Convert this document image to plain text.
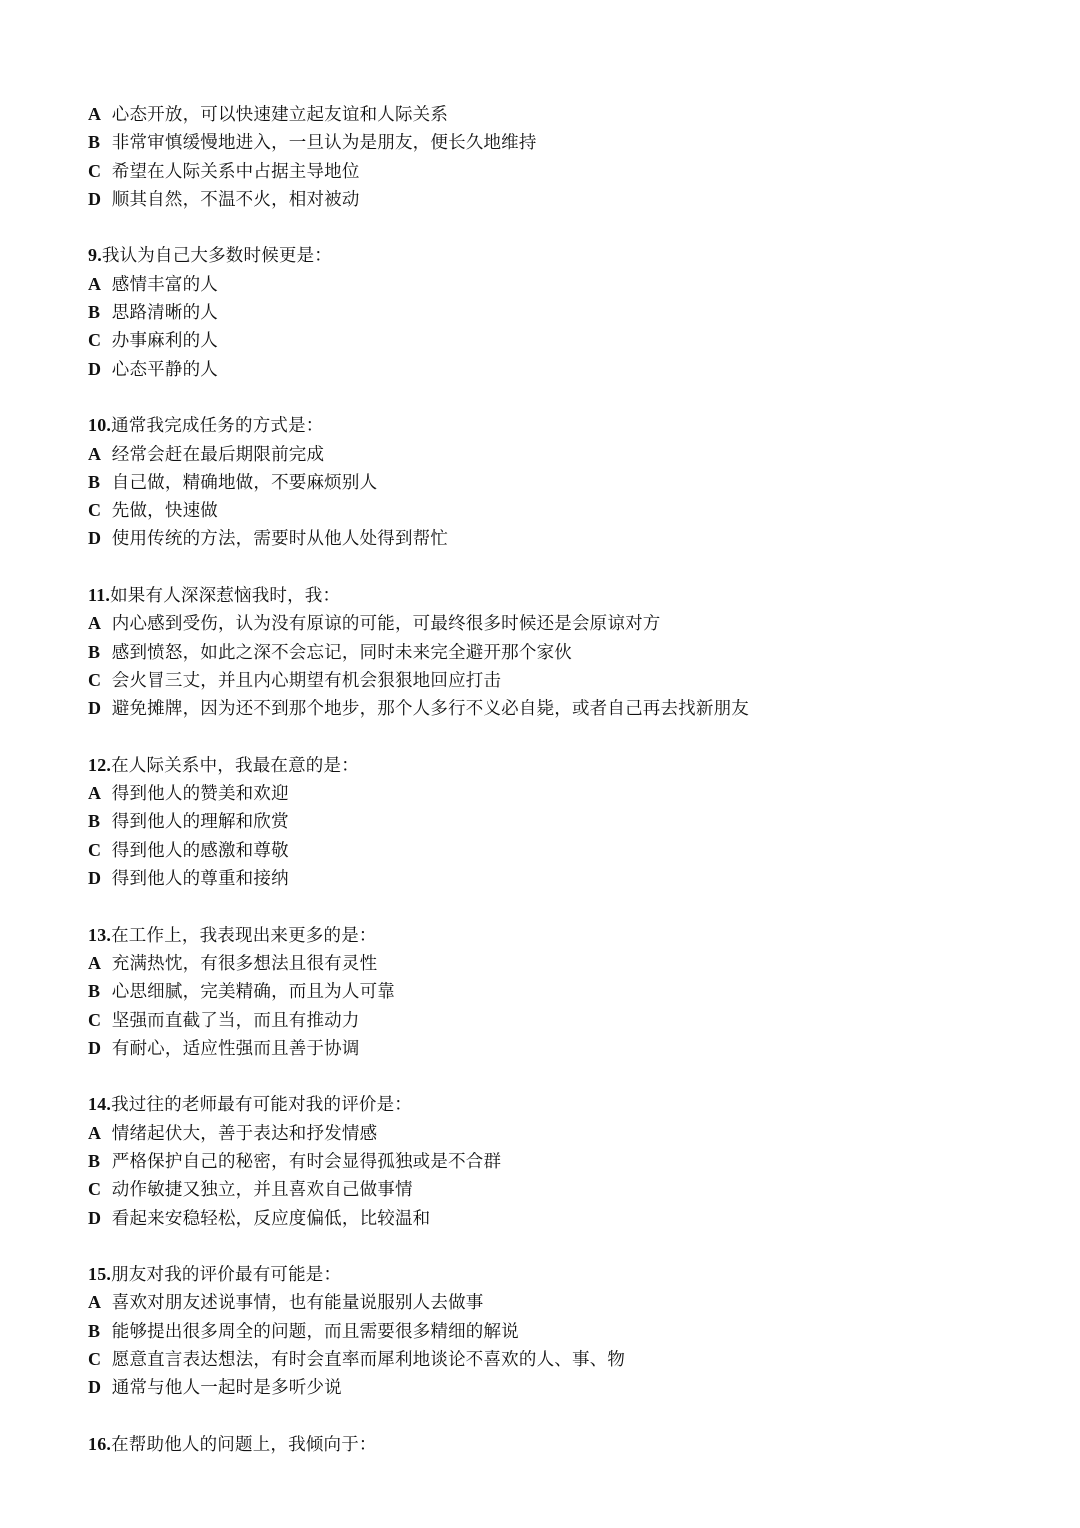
A 心态开放，可以快速建立起友谊和人际关系
B 非常审慎缓慢地进入，一旦认为是朋友，便长久地维持
C 希望在人际关系中占据主导地位
D 顺其自然，不温不火，相对被动
9.我认为自己大多数时候更是：
A 感情丰富的人
B 思路清晰的人
C 办事麻利的人
D 心态平静的人
10.通常我完成任务的方式是：
A 经常会赶在最后期限前完成
B 自己做，精确地做，不要麻烦别人
C 先做，快速做
D 使用传统的方法，需要时从他人处得到帮忙
11.如果有人深深惹恼我时，我：
A 内心感到受伤，认为没有原谅的可能，可最终很多时候还是会原谅对方
B 感到愤怒，如此之深不会忘记，同时未来完全避开那个家伙
C 会火冒三丈，并且内心期望有机会狠狠地回应打击
D 避免摊牌，因为还不到那个地步，那个人多行不义必自毙，或者自己再去找新朋友
12.在人际关系中，我最在意的是：
A 得到他人的赞美和欢迎
B 得到他人的理解和欣赏
C 得到他人的感激和尊敬
D 得到他人的尊重和接纳
13.在工作上，我表现出来更多的是：
A 充满热忱，有很多想法且很有灵性
B 心思细腻，完美精确，而且为人可靠
C 坚强而直截了当，而且有推动力
D 有耐心，适应性强而且善于协调
14.我过往的老师最有可能对我的评价是：
A 情绪起伏大，善于表达和抒发情感
B 严格保护自己的秘密，有时会显得孤独或是不合群
C 动作敏捷又独立，并且喜欢自己做事情
D 看起来安稳轻松，反应度偏低，比较温和
15.朋友对我的评价最有可能是：
A 喜欢对朋友述说事情，也有能量说服别人去做事
B 能够提出很多周全的问题，而且需要很多精细的解说
C 愿意直言表达想法，有时会直率而犀利地谈论不喜欢的人、事、物
D 通常与他人一起时是多听少说
16.在帮助他人的问题上，我倾向于：
